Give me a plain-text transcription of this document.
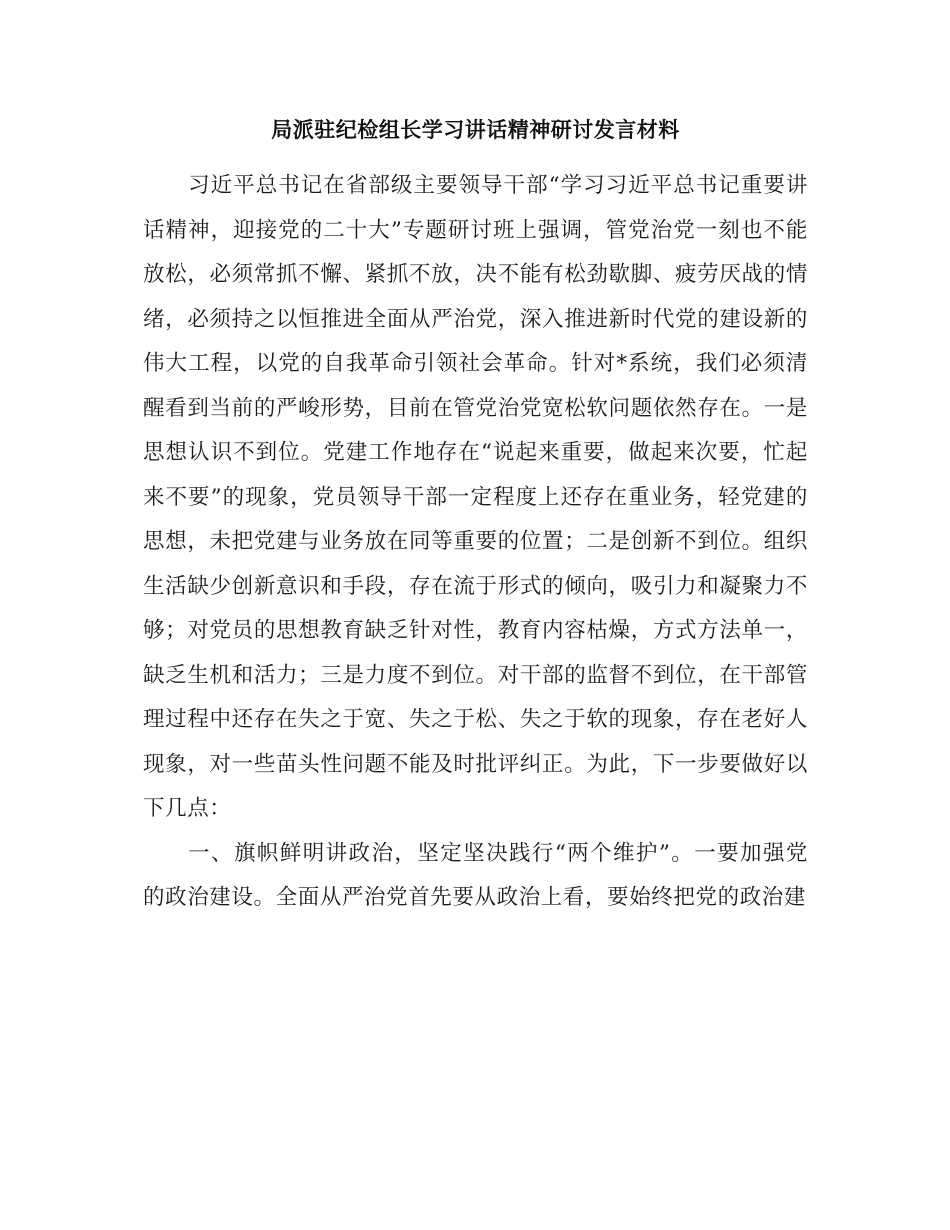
局派驻纪检组长学习讲话精神研讨发言材料

习近平总书记在省部级主要领导干部“学习习近平总书记重要讲话精神，迎接党的二十大”专题研讨班上强调，管党治党一刻也不能放松，必须常抓不懈、紧抓不放，决不能有松劲歇脚、疲劳厌战的情绪，必须持之以恒推进全面从严治党，深入推进新时代党的建设新的伟大工程，以党的自我革命引领社会革命。针对*系统，我们必须清醒看到当前的严峻形势，目前在管党治党宽松软问题依然存在。一是思想认识不到位。党建工作地存在“说起来重要，做起来次要，忙起来不要”的现象，党员领导干部一定程度上还存在重业务，轻党建的思想，未把党建与业务放在同等重要的位置；二是创新不到位。组织生活缺少创新意识和手段，存在流于形式的倾向，吸引力和凝聚力不够；对党员的思想教育缺乏针对性，教育内容枯燥，方式方法单一，缺乏生机和活力；三是力度不到位。对干部的监督不到位，在干部管理过程中还存在失之于宽、失之于松、失之于软的现象，存在老好人现象，对一些苗头性问题不能及时批评纠正。为此，下一步要做好以下几点：

一、旗帜鲜明讲政治，坚定坚决践行“两个维护”。一要加强党的政治建设。全面从严治党首先要从政治上看，要始终把党的政治建
